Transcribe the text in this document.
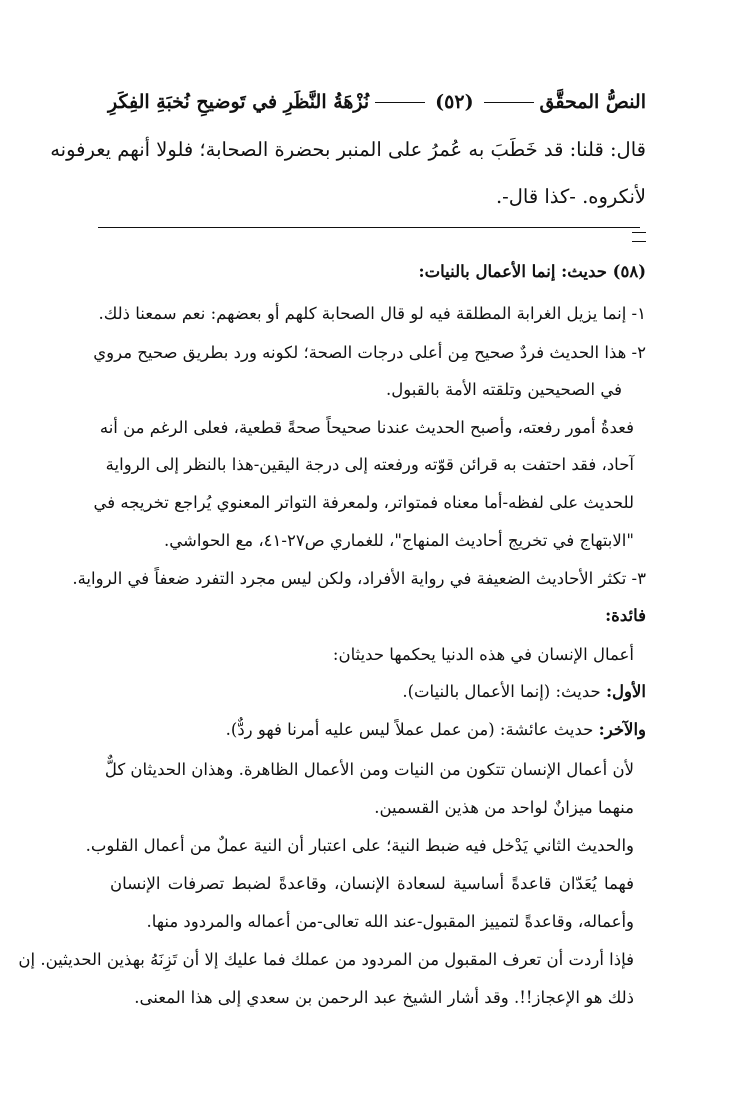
النصُّ المحقَّق
(٥٢)
نُزْهَةُ النَّظَرِ في تَوضيحِ نُخبَةِ الفِكَرِ
قال: قلنا: قد خَطَبَ به عُمرُ على المنبر بحضرة الصحابة؛ فلولا أنهم يعرفونه
لأنكروه. -كذا قال-.
(٥٨) حديث: إنما الأعمال بالنيات:
١- إنما يزيل الغرابة المطلقة فيه لو قال الصحابة كلهم أو بعضهم: نعم سمعنا ذلك.
٢- هذا الحديث فردٌ صحيح مِن أعلى درجات الصحة؛ لكونه ورد بطريق صحيح مروي
في الصحيحين وتلقته الأمة بالقبول.
فعدةُ أمور رفعته، وأصبح الحديث عندنا صحيحاً صحةً قطعية، فعلى الرغم من أنه
آحاد، فقد احتفت به قرائن قوّته ورفعته إلى درجة اليقين-هذا بالنظر إلى الرواية
للحديث على لفظه-أما معناه فمتواتر، ولمعرفة التواتر المعنوي يُراجع تخريجه في
"الابتهاج في تخريج أحاديث المنهاج"، للغماري ص٢٧-٤١، مع الحواشي.
٣- تكثر الأحاديث الضعيفة في رواية الأفراد، ولكن ليس مجرد التفرد ضعفاً في الرواية.
فائدة:
أعمال الإنسان في هذه الدنيا يحكمها حديثان:
الأول: حديث: (إنما الأعمال بالنيات).
والآخر: حديث عائشة: (من عمل عملاً ليس عليه أمرنا فهو ردٌّ).
لأن أعمال الإنسان تتكون من النيات ومن الأعمال الظاهرة. وهذان الحديثان كلٌّ
منهما ميزانٌ لواحد من هذين القسمين.
والحديث الثاني يَدْخل فيه ضبط النية؛ على اعتبار أن النية عملٌ من أعمال القلوب.
فهما يُعَدّان قاعدةً أساسية لسعادة الإنسان، وقاعدةً لضبط تصرفات الإنسان
وأعماله، وقاعدةً لتمييز المقبول-عند الله تعالى-من أعماله والمردود منها.
فإذا أردت أن تعرف المقبول من المردود من عملك فما عليك إلا أن تَزِنَهُ بهذين الحديثين. إن
ذلك هو الإعجاز!!. وقد أشار الشيخ عبد الرحمن بن سعدي إلى هذا المعنى.
